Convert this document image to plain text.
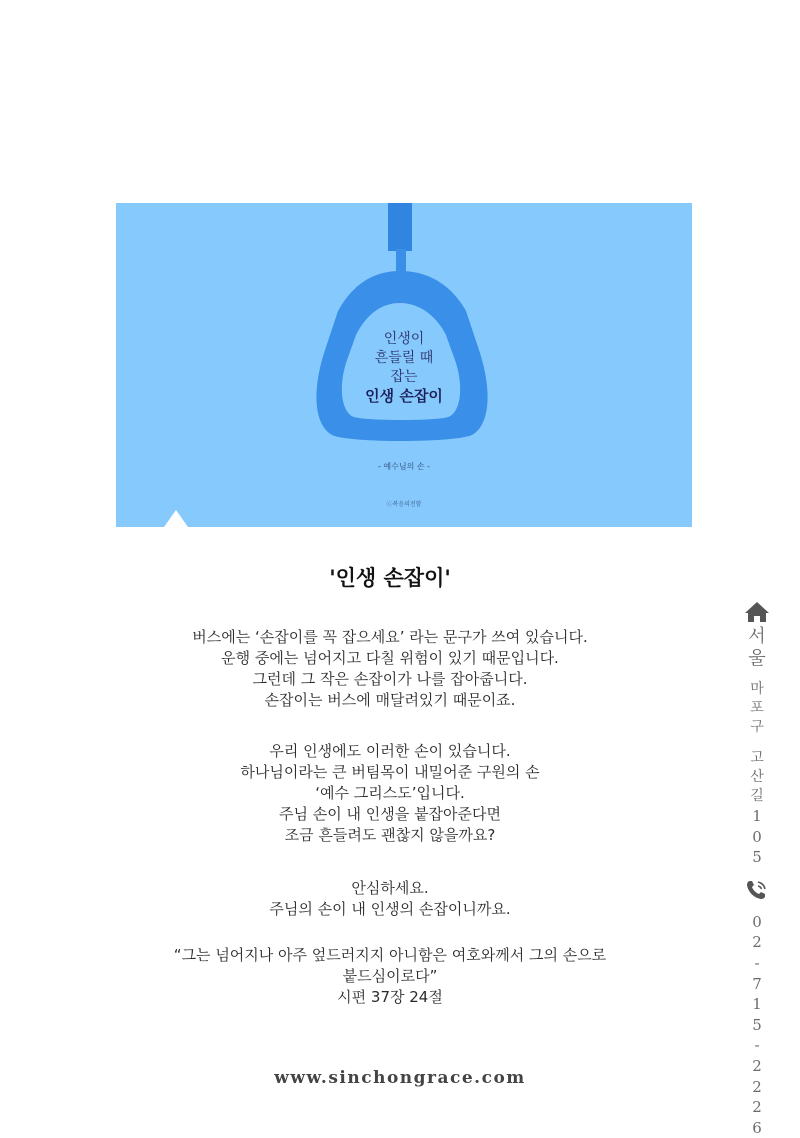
인생이
흔들릴 때
잡는
인생 손잡이
- 예수님의 손 -
ⓒ복음의전함
'인생 손잡이'
버스에는 ‘손잡이를 꼭 잡으세요’ 라는 문구가 쓰여 있습니다.
운행 중에는 넘어지고 다칠 위험이 있기 때문입니다.
그런데 그 작은 손잡이가 나를 잡아줍니다.
손잡이는 버스에 매달려있기 때문이죠.
우리 인생에도 이러한 손이 있습니다.
하나님이라는 큰 버팀목이 내밀어준 구원의 손
‘예수 그리스도’입니다.
주님 손이 내 인생을 붙잡아준다면
조금 흔들려도 괜찮지 않을까요?
안심하세요.
주님의 손이 내 인생의 손잡이니까요.
“그는 넘어지나 아주 엎드러지지 아니함은 여호와께서 그의 손으로
붙드심이로다”
시편 37장 24절
www.sinchongrace.com
서
울
마
포
구
고
산
길
1
0
5
0
2
-
7
1
5
-
2
2
2
6
